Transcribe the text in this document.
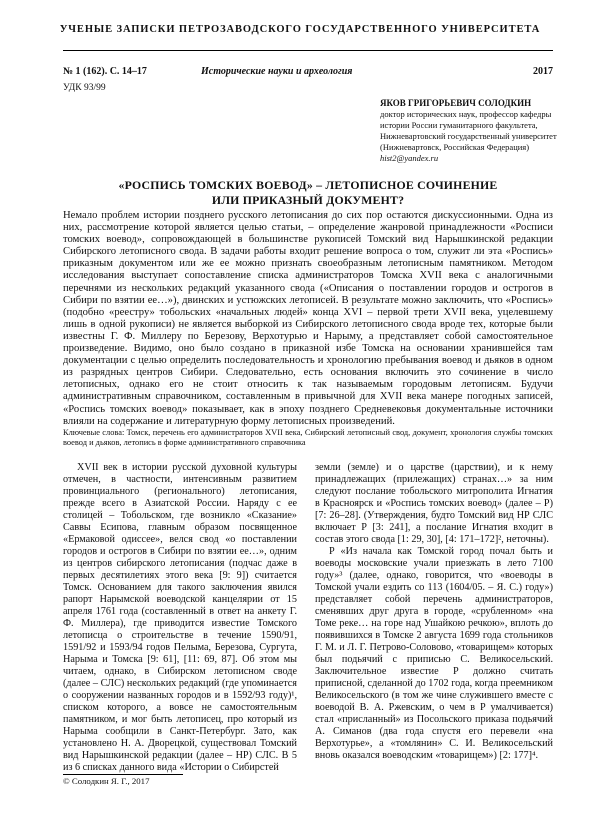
УЧЕНЫЕ ЗАПИСКИ ПЕТРОЗАВОДСКОГО ГОСУДАРСТВЕННОГО УНИВЕРСИТЕТА
№ 1 (162). С. 14–17	Исторические науки и археология	2017
УДК 93/99
ЯКОВ ГРИГОРЬЕВИЧ СОЛОДКИН
доктор исторических наук, профессор кафедры истории России гуманитарного факультета, Нижневартовский государственный университет (Нижневартовск, Российская Федерация)
hist2@yandex.ru
«РОСПИСЬ ТОМСКИХ ВОЕВОД» – ЛЕТОПИСНОЕ СОЧИНЕНИЕ
ИЛИ ПРИКАЗНЫЙ ДОКУМЕНТ?
Немало проблем истории позднего русского летописания до сих пор остаются дискуссионными. Одна из них, рассмотрение которой является целью статьи, – определение жанровой принадлежности «Росписи томских воевод», сопровождающей в большинстве рукописей Томский вид Нарышкинской редакции Сибирского летописного свода. В задачи работы входит решение вопроса о том, служит ли эта «Роспись» приказным документом или же ее можно признать своеобразным летописным памятником. Методом исследования выступает сопоставление списка администраторов Томска XVII века с аналогичными перечнями из нескольких редакций указанного свода («Описания о поставлении городов и острогов в Сибири по взятии ее…»), двинских и устюжских летописей. В результате можно заключить, что «Роспись» (подобно «реестру» тобольских «начальных людей» конца XVI – первой трети XVII века, уцелевшему лишь в одной рукописи) не является выборкой из Сибирского летописного свода вроде тех, которые были известны Г. Ф. Миллеру по Березову, Верхотурью и Нарыму, а представляет собой самостоятельное произведение. Видимо, оно было создано в приказной избе Томска на основании хранившейся там документации с целью определить последовательность и хронологию пребывания воевод и дьяков в одном из разрядных центров Сибири. Следовательно, есть основания включить это сочинение в число летописных, однако его не стоит относить к так называемым городовым летописям. Будучи административным справочником, составленным в привычной для XVII века манере погодных записей, «Роспись томских воевод» показывает, как в эпоху позднего Средневековья документальные источники влияли на содержание и литературную форму летописных произведений.
Ключевые слова: Томск, перечень его администраторов XVII века, Сибирский летописный свод, документ, хронология службы томских воевод и дьяков, летопись в форме административного справочника

XVII век в истории русской духовной культуры отмечен, в частности, интенсивным развитием провинциального (регионального) летописания, прежде всего в Азиатской России. Наряду с ее столицей – Тобольском, где возникло «Сказание» Саввы Есипова, главным образом посвященное «Ермаковой одиссее», велся свод «о поставлении городов и острогов в Сибири по взятии ее…», одним из центров сибирского летописания (подчас даже в первых десятилетиях этого века [9: 9]) считается Томск. Основанием для такого заключения явился рапорт Нарымской воеводской канцелярии от 15 апреля 1761 года (составленный в ответ на анкету Г. Ф. Миллера), где приводится известие Томского летописца о строительстве в течение 1590/91, 1591/92 и 1593/94 годов Пелыма, Березова, Сургута, Нарыма и Томска [9: 61], [11: 69, 87]. Об этом мы читаем, однако, в Сибирском летописном своде (далее – СЛС) нескольких редакций (где упоминается о сооружении названных городов и в 1592/93 году)¹, списком которого, а вовсе не самостоятельным памятником, и мог быть летописец, про который из Нарыма сообщили в Санкт-Петербург. Зато, как установлено Н. А. Дворецкой, существовал Томский вид Нарышкинской редакции (далее – НР) СЛС. В 5 из 6 списках данного вида «Истории о Сибирстей

земли (земле) и о царстве (царствии), и к нему принадлежащих (прилежащих) странах…» за ним следуют послание тобольского митрополита Игнатия в Красноярск и «Роспись томских воевод» (далее – Р) [7: 26–28]. (Утверждения, будто Томский вид НР СЛС включает Р [3: 241], а послание Игнатия входит в состав этого свода [1: 29, 30], [4: 171–172]², неточны).

Р «Из начала как Томской город почал быть и воеводы московские учали приезжать в лето 7100 году»³ (далее, однако, говорится, что «воеводы в Томской учали ездить со 113 (1604/05. – Я. С.) году») представляет собой перечень администраторов, сменявших друг друга в городе, «срубленном» «на Томе реке… на горе над Ушайкою речкою», вплоть до появившихся в Томске 2 августа 1699 года стольников Г. М. и Л. Г. Петрово-Солововo, «товарищем» которых был подьячий с приписью С. Великосельский. Заключительное известие Р должно считать приписной, сделанной до 1702 года, когда преемником Великосельского (в том же чине служившего вместе с воеводой В. А. Ржевским, о чем в Р умалчивается) стал «присланный» из Посольского приказа подьячий А. Симанов (два года спустя его перевели «на Верхотурье», а «томлянин» С. И. Великосельский вновь оказался воеводским «товарищем») [2: 177]⁴.

© Солодкин Я. Г., 2017
